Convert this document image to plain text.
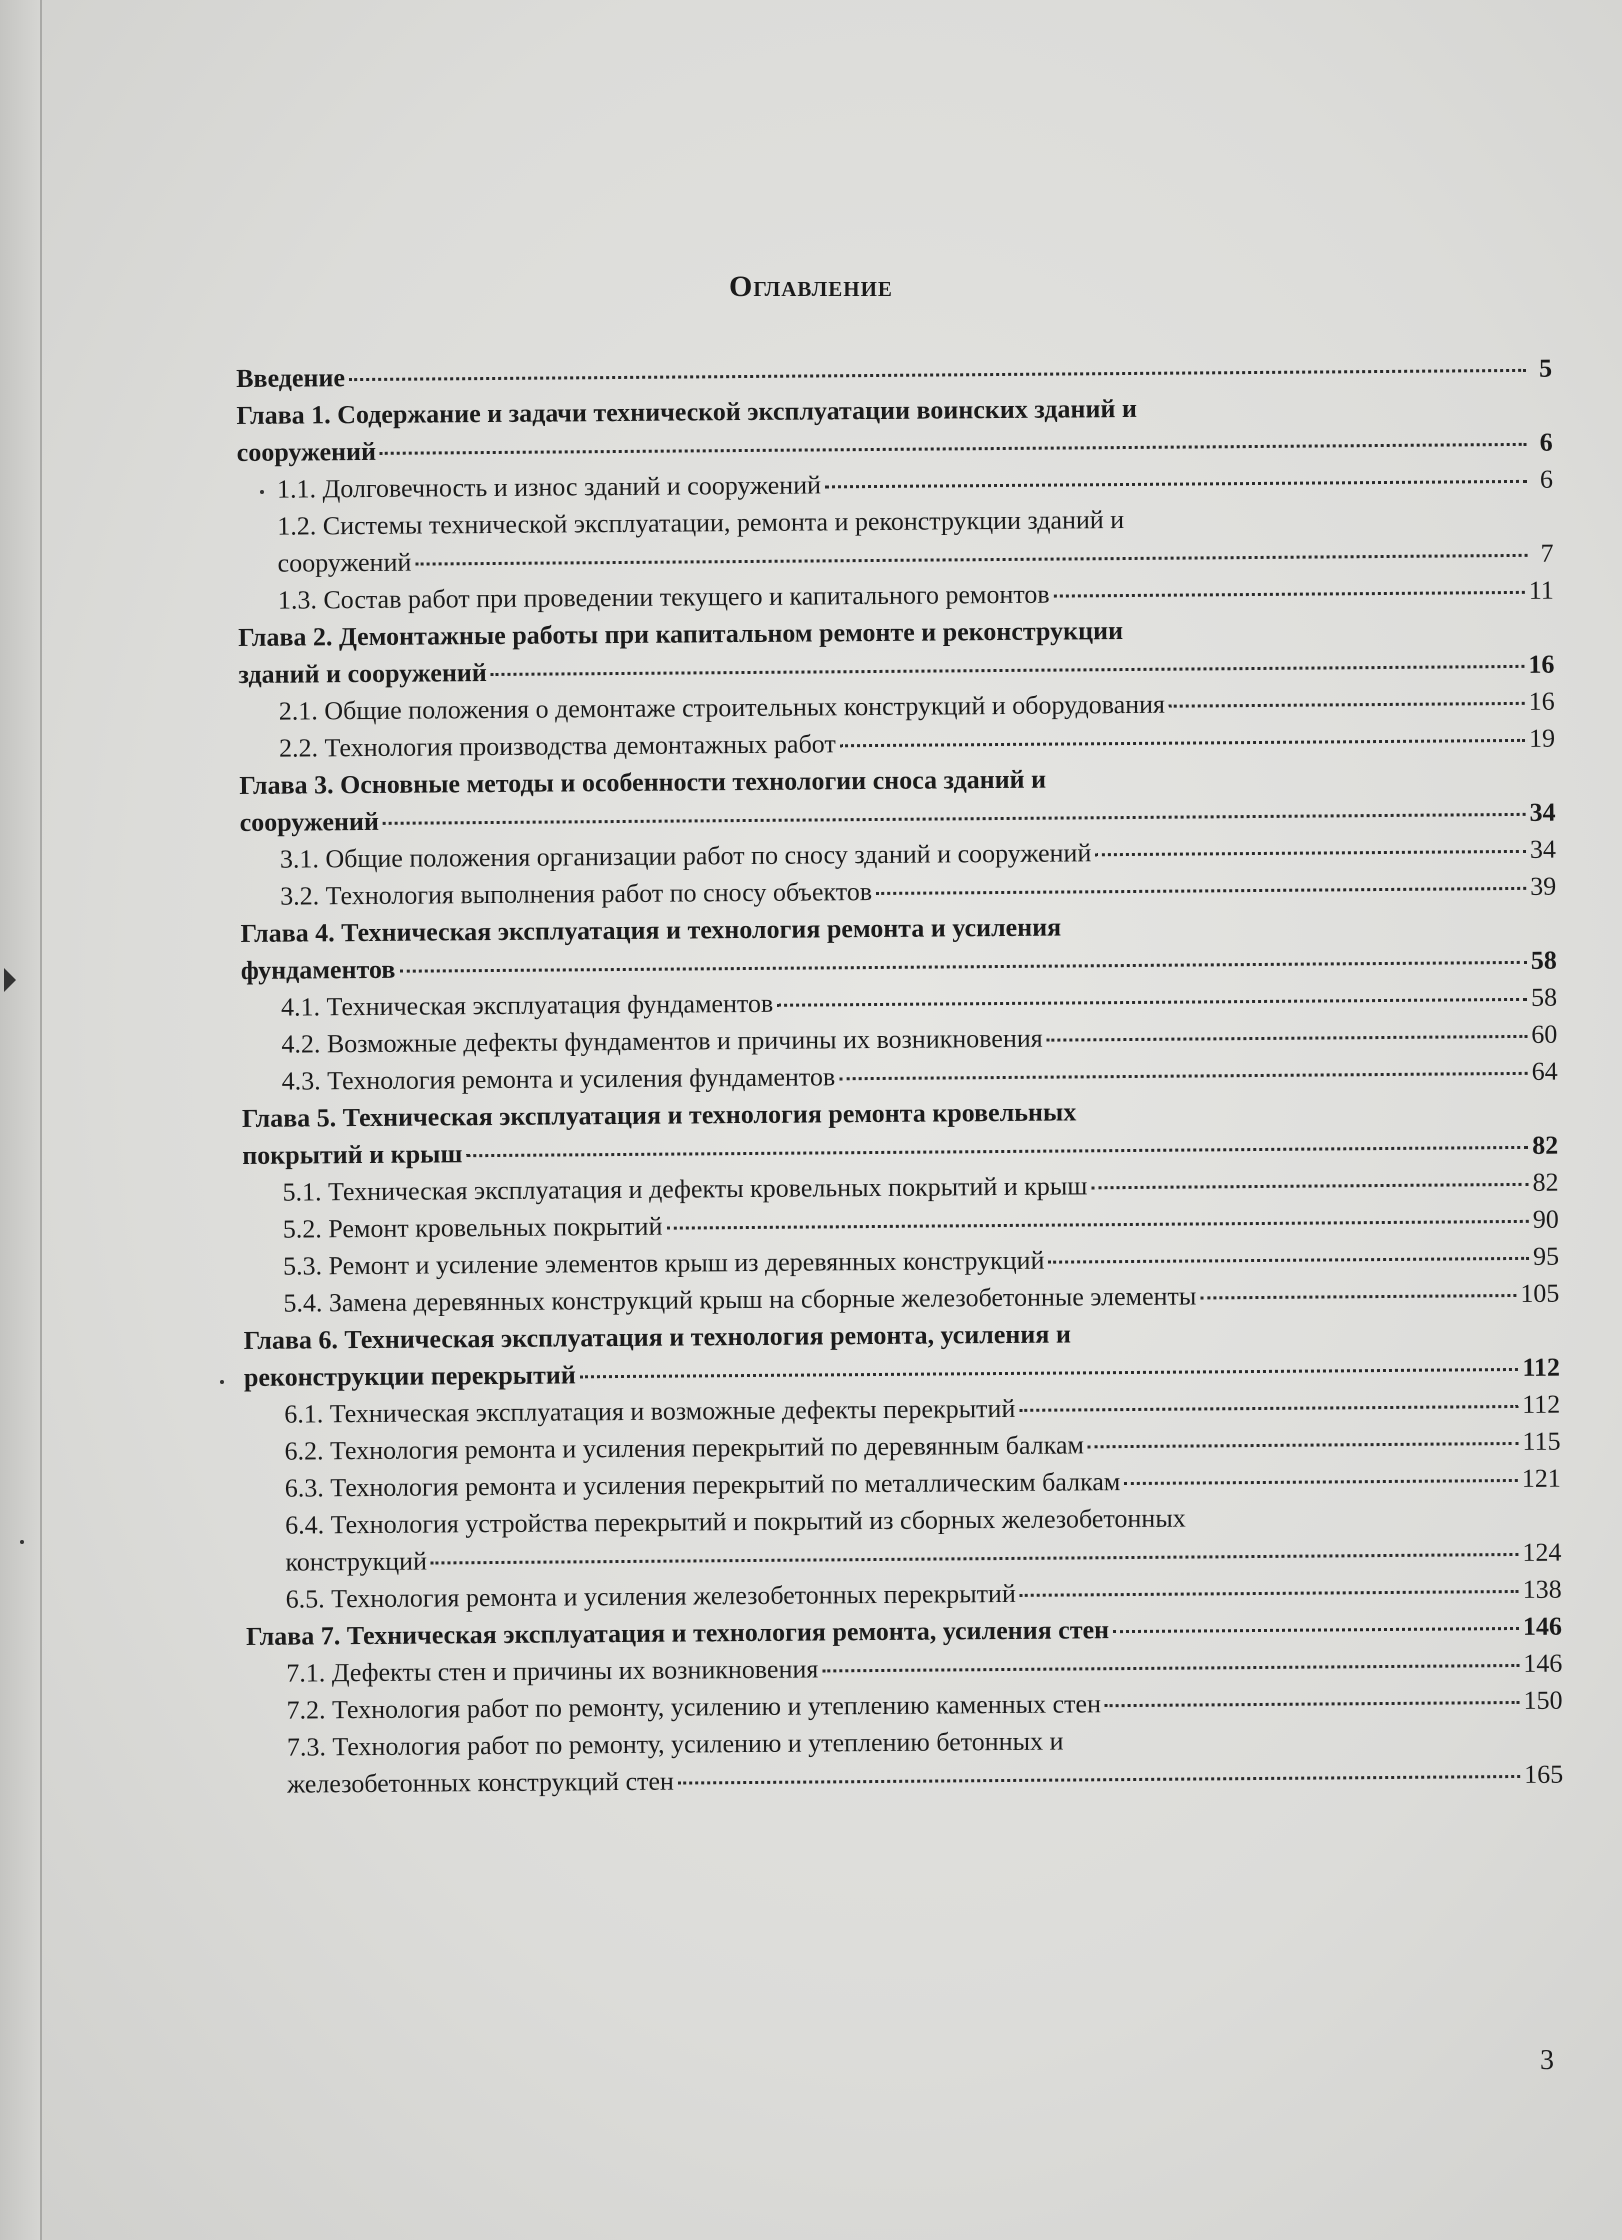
Оглавление
Введение	5
Глава 1. Содержание и задачи технической эксплуатации воинских зданий и
сооружений	6
1.1. Долговечность и износ зданий и сооружений	6
1.2. Системы технической эксплуатации, ремонта и реконструкции зданий и
сооружений	7
1.3. Состав работ при проведении текущего и капитального ремонтов	11
Глава 2. Демонтажные работы при капитальном ремонте и реконструкции
зданий и сооружений	16
2.1. Общие положения о демонтаже строительных конструкций и оборудования	16
2.2. Технология производства демонтажных работ	19
Глава 3. Основные методы и особенности технологии сноса зданий и
сооружений	34
3.1. Общие положения организации работ по сносу зданий и сооружений	34
3.2. Технология выполнения работ по сносу объектов	39
Глава 4. Техническая эксплуатация и технология ремонта и усиления
фундаментов	58
4.1. Техническая эксплуатация фундаментов	58
4.2. Возможные дефекты фундаментов и причины их возникновения	60
4.3. Технология ремонта и усиления фундаментов	64
Глава 5. Техническая эксплуатация и технология ремонта кровельных
покрытий и крыш	82
5.1. Техническая эксплуатация и дефекты кровельных покрытий и крыш	82
5.2. Ремонт кровельных покрытий	90
5.3. Ремонт и усиление элементов крыш из деревянных конструкций	95
5.4. Замена деревянных конструкций крыш на сборные железобетонные элементы	105
Глава 6. Техническая эксплуатация и технология ремонта, усиления и
реконструкции перекрытий	112
6.1. Техническая эксплуатация и возможные дефекты перекрытий	112
6.2. Технология ремонта и усиления перекрытий по деревянным балкам	115
6.3. Технология ремонта и усиления перекрытий по металлическим балкам	121
6.4. Технология устройства перекрытий и покрытий из сборных железобетонных
конструкций	124
6.5. Технология ремонта и усиления железобетонных перекрытий	138
Глава 7. Техническая эксплуатация и технология ремонта, усиления стен	146
7.1. Дефекты стен и причины их возникновения	146
7.2. Технология работ по ремонту, усилению и утеплению каменных стен	150
7.3. Технология работ по ремонту, усилению и утеплению бетонных и
железобетонных конструкций стен	165
3
